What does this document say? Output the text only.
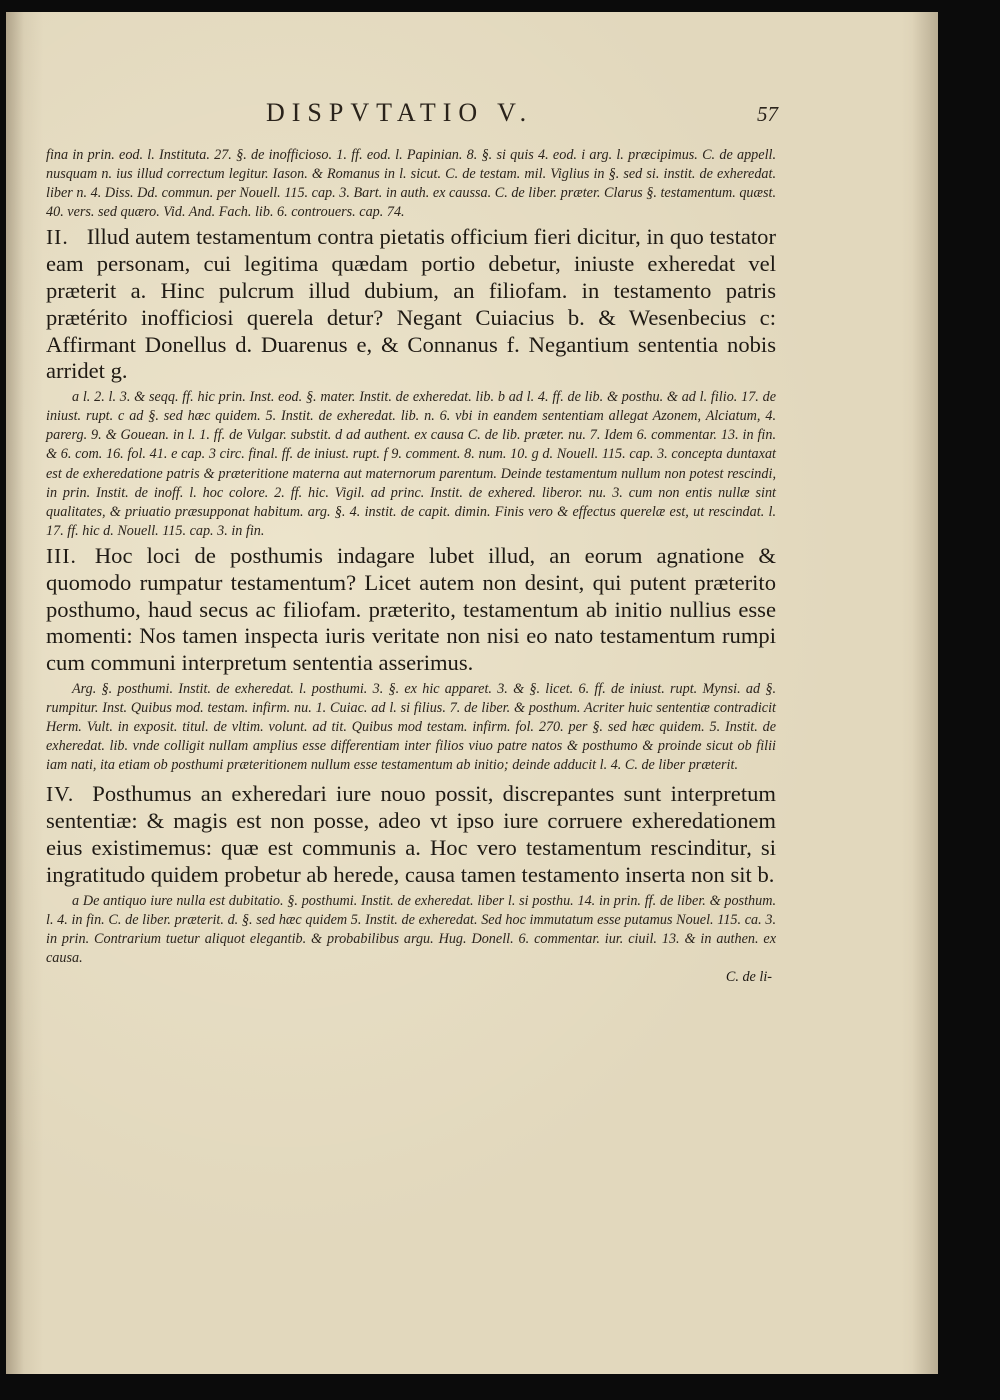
DISPVTATIO V.	57

fina in prin. eod. l. Instituta. 27. §. de inofficioso. 1. ff. eod. l. Papinian. 8. §. si quis 4. eod. i arg. l. præcipimus. C. de appell. nusquam n. ius illud correctum legitur. Iason. & Romanus in l. sicut. C. de testam. mil. Viglius in §. sed si. instit. de exheredat. liber n. 4. Diss. Dd. commun. per Nouell. 115. cap. 3. Bart. in auth. ex caussa. C. de liber. præter. Clarus §. testamentum. quæst. 40. vers. sed quæro. Vid. And. Fach. lib. 6. controuers. cap. 74.

II. Illud autem testamentum contra pietatis officium fieri dicitur, in quo testator eam personam, cui legitima quædam portio debetur, iniuste exheredat vel præterit a. Hinc pulcrum illud dubium, an filiofam. in testamento patris prætérito inofficiosi querela detur? Negant Cuiacius b. & Wesenbecius c: Affirmant Donellus d. Duarenus e, & Connanus f. Negantium sententia nobis arridet g.

a l. 2. l. 3. & seqq. ff. hic prin. Inst. eod. §. mater. Instit. de exheredat. lib. b ad l. 4. ff. de lib. & posthu. & ad l. filio. 17. de iniust. rupt. c ad §. sed hæc quidem. 5. Instit. de exheredat. lib. n. 6. vbi in eandem sententiam allegat Azonem, Alciatum, 4. parerg. 9. & Gouean. in l. 1. ff. de Vulgar. substit. d ad authent. ex causa C. de lib. præter. nu. 7. Idem 6. commentar. 13. in fin. & 6. com. 16. fol. 41. e cap. 3 circ. final. ff. de iniust. rupt. f 9. comment. 8. num. 10. g d. Nouell. 115. cap. 3. concepta duntaxat est de exheredatione patris & præteritione materna aut maternorum parentum. Deinde testamentum nullum non potest rescindi, in prin. Instit. de inoff. l. hoc colore. 2. ff. hic. Vigil. ad princ. Instit. de exhered. liberor. nu. 3. cum non entis nullæ sint qualitates, & priuatio præsupponat habitum. arg. §. 4. instit. de capit. dimin. Finis vero & effectus querelæ est, ut rescindat. l. 17. ff. hic d. Nouell. 115. cap. 3. in fin.

III. Hoc loci de posthumis indagare lubet illud, an eorum agnatione & quomodo rumpatur testamentum? Licet autem non desint, qui putent præterito posthumo, haud secus ac filiofam. præterito, testamentum ab initio nullius esse momenti: Nos tamen inspecta iuris veritate non nisi eo nato testamentum rumpi cum communi interpretum sententia asserimus.

Arg. §. posthumi. Instit. de exheredat. l. posthumi. 3. §. ex hic apparet. 3. & §. licet. 6. ff. de iniust. rupt. Mynsi. ad §. rumpitur. Inst. Quibus mod. testam. infirm. nu. 1. Cuiac. ad l. si filius. 7. de liber. & posthum. Acriter huic sententiæ contradicit Herm. Vult. in exposit. titul. de vltim. volunt. ad tit. Quibus mod testam. infirm. fol. 270. per §. sed hæc quidem. 5. Instit. de exheredat. lib. vnde colligit nullam amplius esse differentiam inter filios viuo patre natos & posthumo & proinde sicut ob filii iam nati, ita etiam ob posthumi præteritionem nullum esse testamentum ab initio; deinde adducit l. 4. C. de liber præterit.

IV. Posthumus an exheredari iure nouo possit, discrepantes sunt interpretum sententiæ: & magis est non posse, adeo vt ipso iure corruere exheredationem eius existimemus: quæ est communis a. Hoc vero testamentum rescinditur, si ingratitudo quidem probetur ab herede, causa tamen testamento inserta non sit b.

a De antiquo iure nulla est dubitatio. §. posthumi. Instit. de exheredat. liber l. si posthu. 14. in prin. ff. de liber. & posthum. l. 4. in fin. C. de liber. præterit. d. §. sed hæc quidem 5. Instit. de exheredat. Sed hoc immutatum esse putamus Nouel. 115. ca. 3. in prin. Contrarium tuetur aliquot elegantib. & probabilibus argu. Hug. Donell. 6. commentar. iur. ciuil. 13. & in authen. ex causa.

C. de li-
